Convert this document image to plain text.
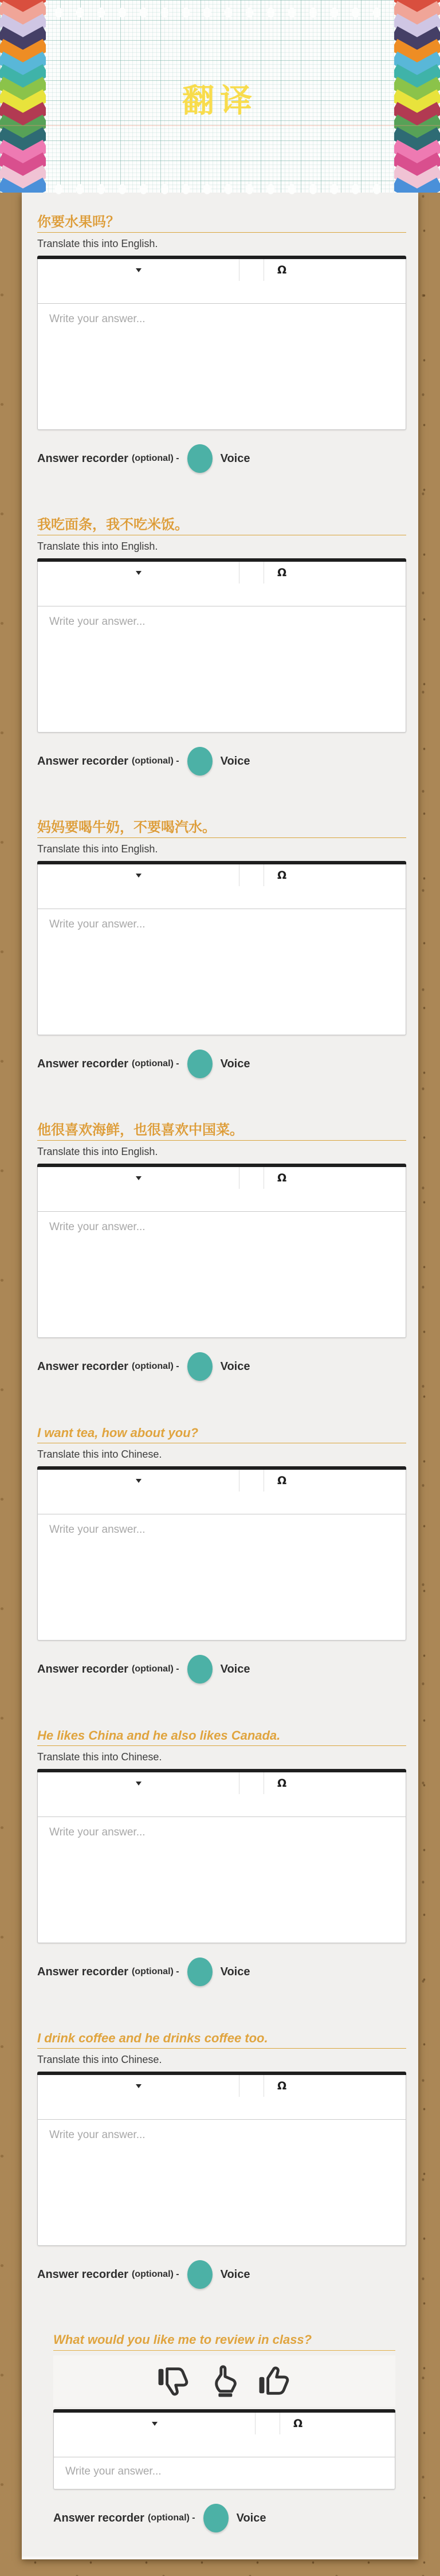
翻译
你要水果吗？

Translate this into English.

Ω
Write your answer...
Answer recorder (optional) -	Voice
我吃面条，我不吃米饭。

Translate this into English.

Ω
Write your answer...
Answer recorder (optional) -	Voice
妈妈要喝牛奶，不要喝汽水。

Translate this into English.

Ω
Write your answer...
Answer recorder (optional) -	Voice
他很喜欢海鲜，也很喜欢中国菜。

Translate this into English.

Ω
Write your answer...
Answer recorder (optional) -	Voice
I want tea, how about you?

Translate this into Chinese.

Ω
Write your answer...
Answer recorder (optional) -	Voice
He likes China and he also likes Canada.

Translate this into Chinese.

Ω
Write your answer...
Answer recorder (optional) -	Voice
I drink coffee and he drinks coffee too.

Translate this into Chinese.

Ω
Write your answer...
Answer recorder (optional) -	Voice
What would you like me to review in class?
Ω
Write your answer...
Answer recorder (optional) -	Voice
